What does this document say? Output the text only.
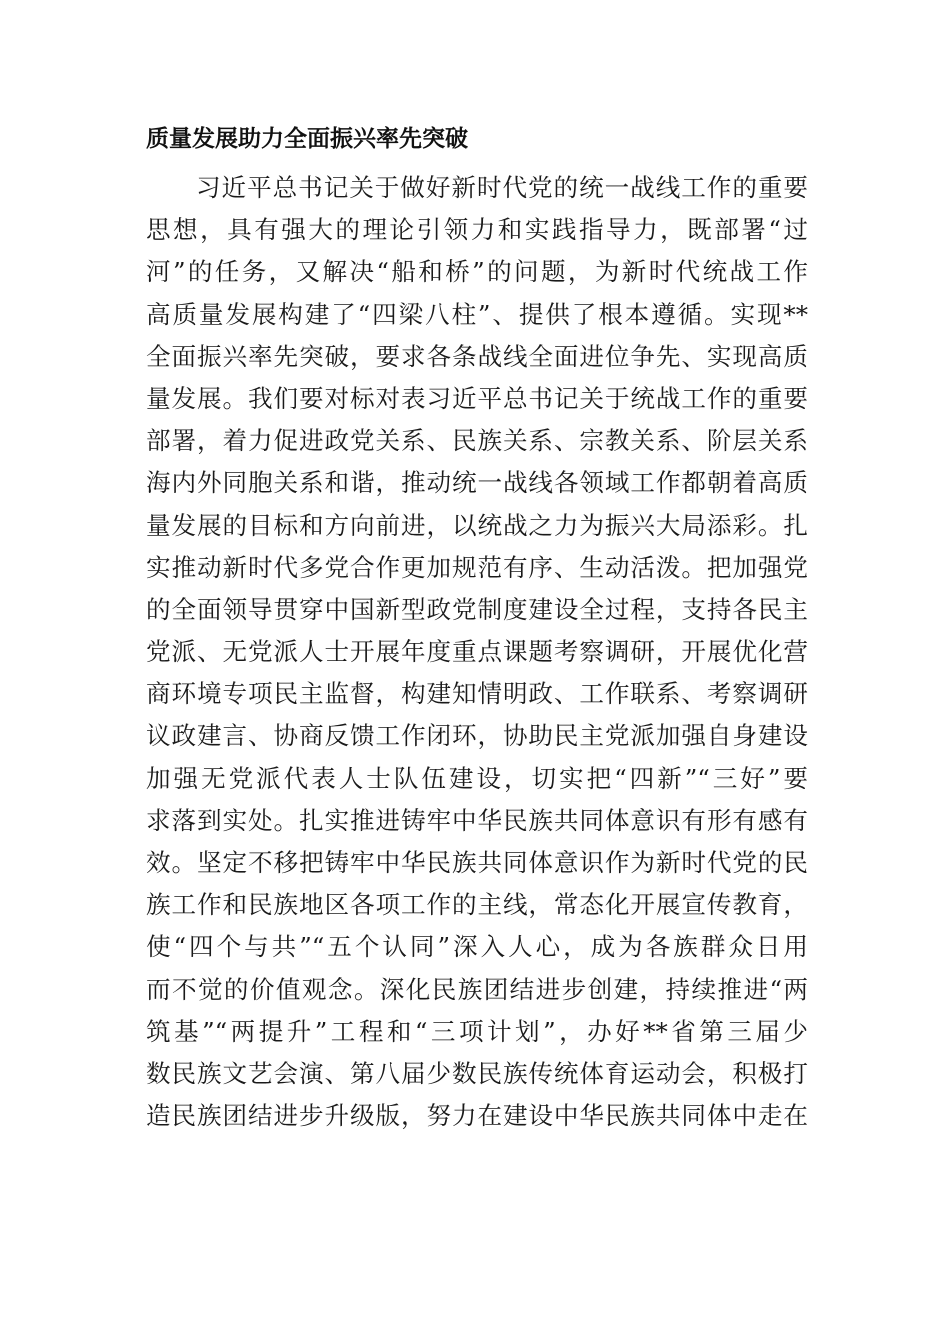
质量发展助力全面振兴率先突破
习近平总书记关于做好新时代党的统一战线工作的重要
思想，具有强大的理论引领力和实践指导力，既部署“过
河”的任务，又解决“船和桥”的问题，为新时代统战工作
高质量发展构建了“四梁八柱”、提供了根本遵循。实现**
全面振兴率先突破，要求各条战线全面进位争先、实现高质
量发展。我们要对标对表习近平总书记关于统战工作的重要
部署，着力促进政党关系、民族关系、宗教关系、阶层关系
海内外同胞关系和谐，推动统一战线各领域工作都朝着高质
量发展的目标和方向前进，以统战之力为振兴大局添彩。扎
实推动新时代多党合作更加规范有序、生动活泼。把加强党
的全面领导贯穿中国新型政党制度建设全过程，支持各民主
党派、无党派人士开展年度重点课题考察调研，开展优化营
商环境专项民主监督，构建知情明政、工作联系、考察调研
议政建言、协商反馈工作闭环，协助民主党派加强自身建设
加强无党派代表人士队伍建设，切实把“四新”“三好”要
求落到实处。扎实推进铸牢中华民族共同体意识有形有感有
效。坚定不移把铸牢中华民族共同体意识作为新时代党的民
族工作和民族地区各项工作的主线，常态化开展宣传教育，
使“四个与共”“五个认同”深入人心，成为各族群众日用
而不觉的价值观念。深化民族团结进步创建，持续推进“两
筑基”“两提升”工程和“三项计划”，办好**省第三届少
数民族文艺会演、第八届少数民族传统体育运动会，积极打
造民族团结进步升级版，努力在建设中华民族共同体中走在
